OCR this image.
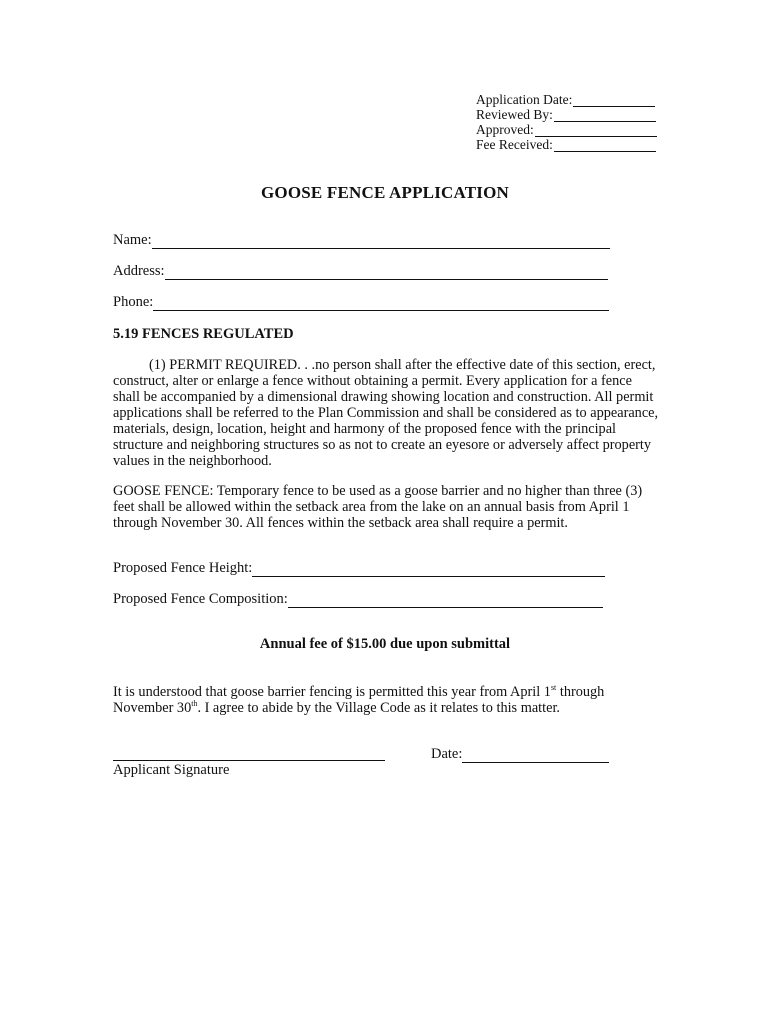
Application Date:
Reviewed By:
Approved:
Fee Received:
GOOSE FENCE APPLICATION
Name:
Address:
Phone:
5.19 FENCES REGULATED
(1) PERMIT REQUIRED. . .no person shall after the effective date of this section, erect, construct, alter or enlarge a fence without obtaining a permit. Every application for a fence shall be accompanied by a dimensional drawing showing location and construction. All permit applications shall be referred to the Plan Commission and shall be considered as to appearance, materials, design, location, height and harmony of the proposed fence with the principal structure and neighboring structures so as not to create an eyesore or adversely affect property values in the neighborhood.
GOOSE FENCE: Temporary fence to be used as a goose barrier and no higher than three (3) feet shall be allowed within the setback area from the lake on an annual basis from April 1 through November 30. All fences within the setback area shall require a permit.
Proposed Fence Height:
Proposed Fence Composition:
Annual fee of $15.00 due upon submittal
It is understood that goose barrier fencing is permitted this year from April 1st through November 30th. I agree to abide by the Village Code as it relates to this matter.
Applicant Signature
Date:
